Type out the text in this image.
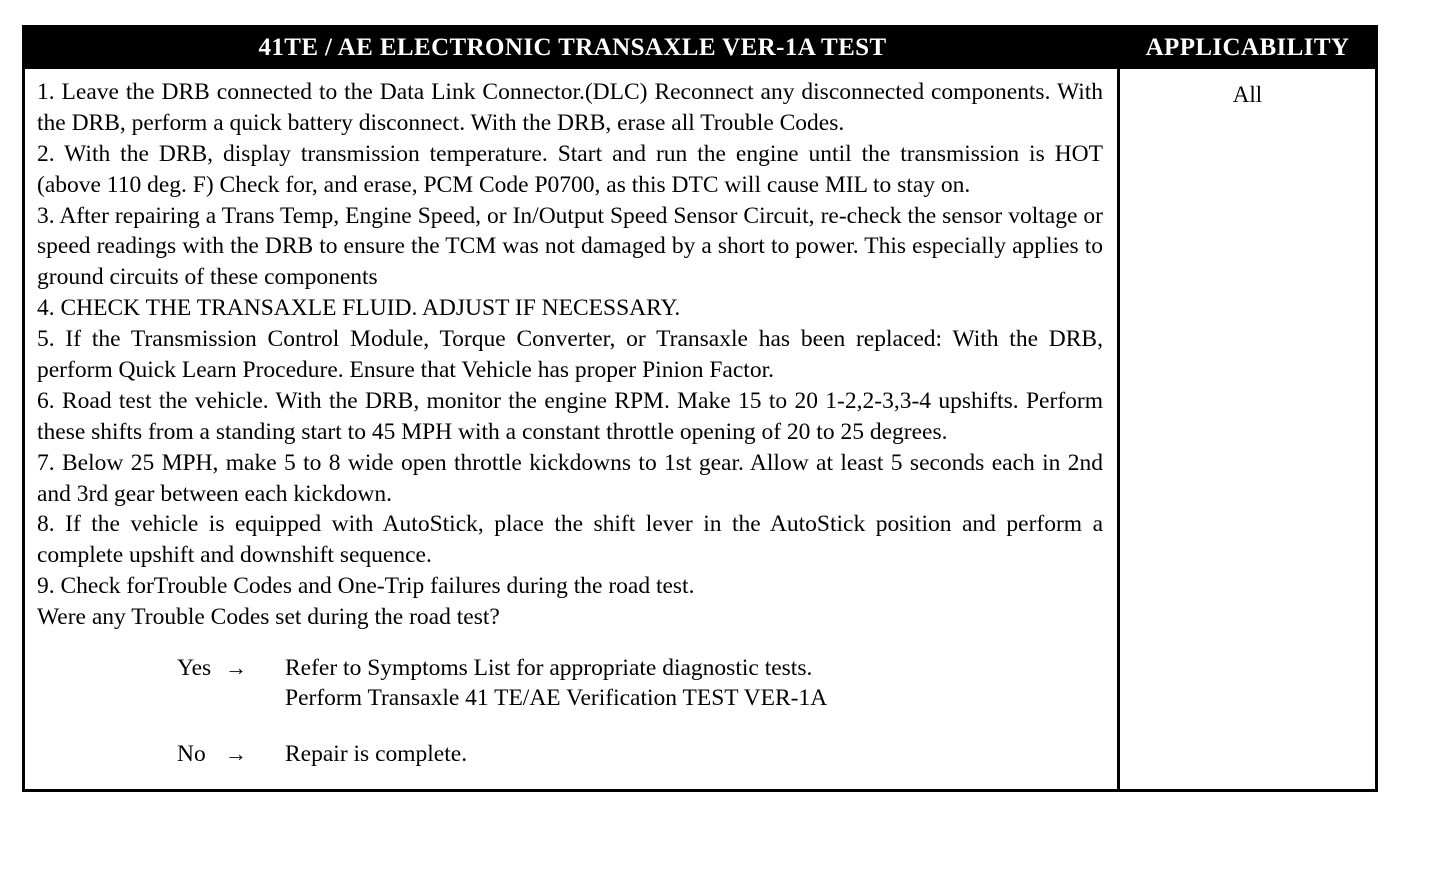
41TE / AE ELECTRONIC TRANSAXLE VER-1A TEST	APPLICABILITY

1. Leave the DRB connected to the Data Link Connector.(DLC) Reconnect any disconnected components. With the DRB, perform a quick battery disconnect. With the DRB, erase all Trouble Codes.

2. With the DRB, display transmission temperature. Start and run the engine until the transmission is HOT (above 110 deg. F) Check for, and erase, PCM Code P0700, as this DTC will cause MIL to stay on.

3. After repairing a Trans Temp, Engine Speed, or In/Output Speed Sensor Circuit, re-check the sensor voltage or speed readings with the DRB to ensure the TCM was not damaged by a short to power. This especially applies to ground circuits of these components

4. CHECK THE TRANSAXLE FLUID. ADJUST IF NECESSARY.

5. If the Transmission Control Module, Torque Converter, or Transaxle has been replaced: With the DRB, perform Quick Learn Procedure. Ensure that Vehicle has proper Pinion Factor.

6. Road test the vehicle. With the DRB, monitor the engine RPM. Make 15 to 20 1-2,2-3,3-4 upshifts. Perform these shifts from a standing start to 45 MPH with a constant throttle opening of 20 to 25 degrees.

7. Below 25 MPH, make 5 to 8 wide open throttle kickdowns to 1st gear. Allow at least 5 seconds each in 2nd and 3rd gear between each kickdown.

8. If the vehicle is equipped with AutoStick, place the shift lever in the AutoStick position and perform a complete upshift and downshift sequence.

9. Check forTrouble Codes and One-Trip failures during the road test.

Were any Trouble Codes set during the road test?

Yes →	Refer to Symptoms List for appropriate diagnostic tests.
Perform Transaxle 41 TE/AE Verification TEST VER-1A
No →	Repair is complete.
All
